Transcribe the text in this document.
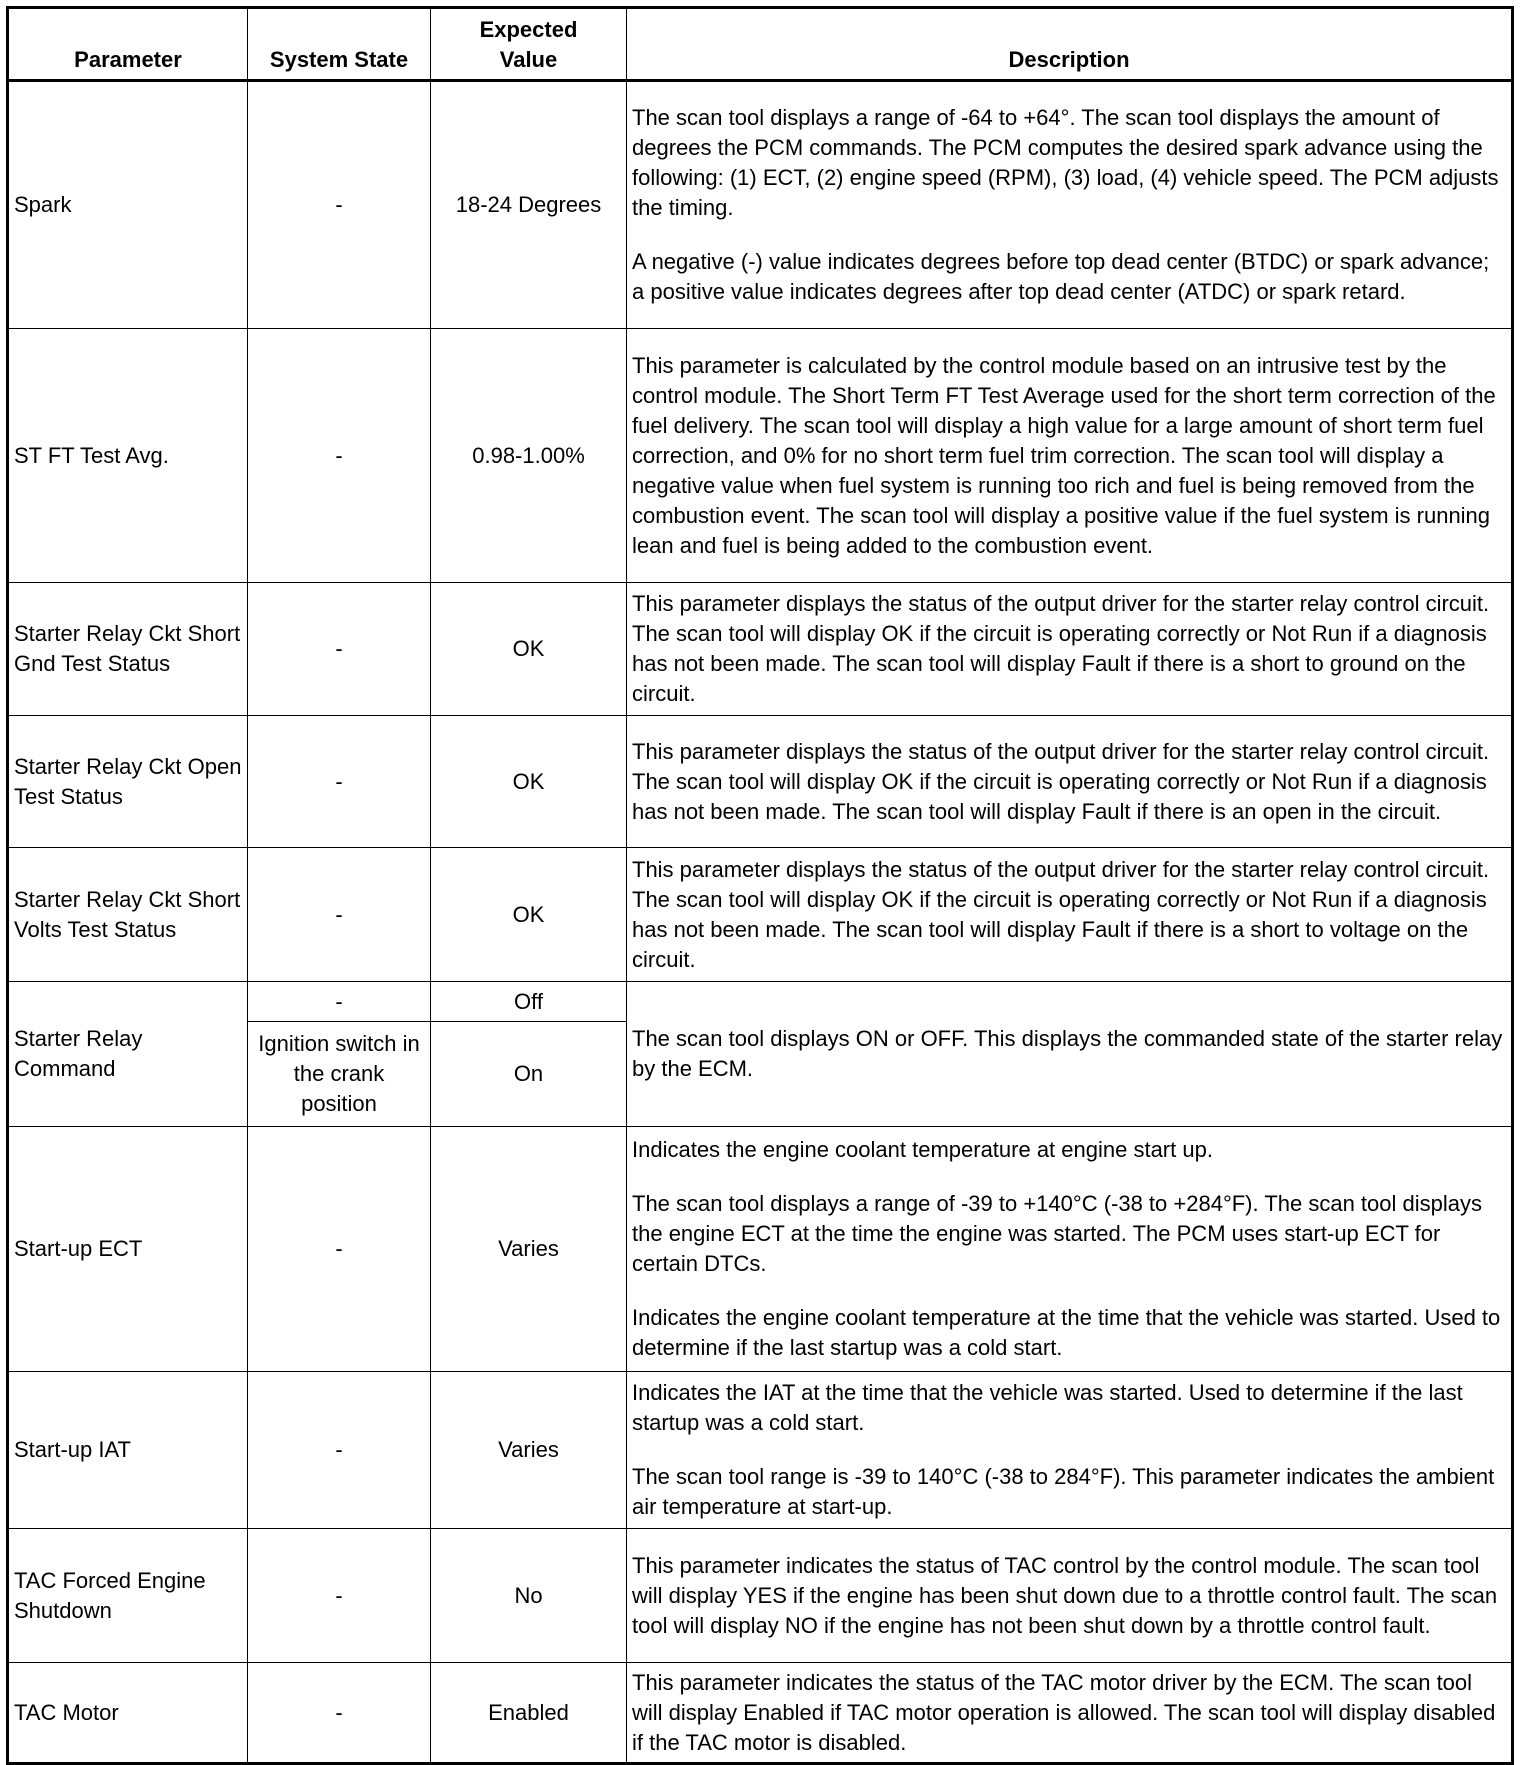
Parameter	System State	Expected Value	Description
Spark	-	18-24 Degrees	The scan tool displays a range of -64 to +64°. The scan tool displays the amount of degrees the PCM commands. The PCM computes the desired spark advance using the following: (1) ECT, (2) engine speed (RPM), (3) load, (4) vehicle speed. The PCM adjusts the timing.

A negative (-) value indicates degrees before top dead center (BTDC) or spark advance; a positive value indicates degrees after top dead center (ATDC) or spark retard.

ST FT Test Avg.	-	0.98-1.00%	This parameter is calculated by the control module based on an intrusive test by the control module. The Short Term FT Test Average used for the short term correction of the fuel delivery. The scan tool will display a high value for a large amount of short term fuel correction, and 0% for no short term fuel trim correction. The scan tool will display a negative value when fuel system is running too rich and fuel is being removed from the combustion event. The scan tool will display a positive value if the fuel system is running lean and fuel is being added to the combustion event.

Starter Relay Ckt Short Gnd Test Status	-	OK	This parameter displays the status of the output driver for the starter relay control circuit. The scan tool will display OK if the circuit is operating correctly or Not Run if a diagnosis has not been made. The scan tool will display Fault if there is a short to ground on the circuit.

Starter Relay Ckt Open Test Status	-	OK	This parameter displays the status of the output driver for the starter relay control circuit. The scan tool will display OK if the circuit is operating correctly or Not Run if a diagnosis has not been made. The scan tool will display Fault if there is an open in the circuit.

Starter Relay Ckt Short Volts Test Status	-	OK	This parameter displays the status of the output driver for the starter relay control circuit. The scan tool will display OK if the circuit is operating correctly or Not Run if a diagnosis has not been made. The scan tool will display Fault if there is a short to voltage on the circuit.

Starter Relay Command	-	Off	The scan tool displays ON or OFF. This displays the commanded state of the starter relay by the ECM.

	Ignition switch in the crank position	On	
Start-up ECT	-	Varies	Indicates the engine coolant temperature at engine start up.

The scan tool displays a range of -39 to +140°C (-38 to +284°F). The scan tool displays the engine ECT at the time the engine was started. The PCM uses start-up ECT for certain DTCs.

Indicates the engine coolant temperature at the time that the vehicle was started. Used to determine if the last startup was a cold start.

Start-up IAT	-	Varies	Indicates the IAT at the time that the vehicle was started. Used to determine if the last startup was a cold start.

The scan tool range is -39 to 140°C (-38 to 284°F). This parameter indicates the ambient air temperature at start-up.

TAC Forced Engine Shutdown	-	No	This parameter indicates the status of TAC control by the control module. The scan tool will display YES if the engine has been shut down due to a throttle control fault. The scan tool will display NO if the engine has not been shut down by a throttle control fault.

TAC Motor	-	Enabled	This parameter indicates the status of the TAC motor driver by the ECM. The scan tool will display Enabled if TAC motor operation is allowed. The scan tool will display disabled if the TAC motor is disabled.
